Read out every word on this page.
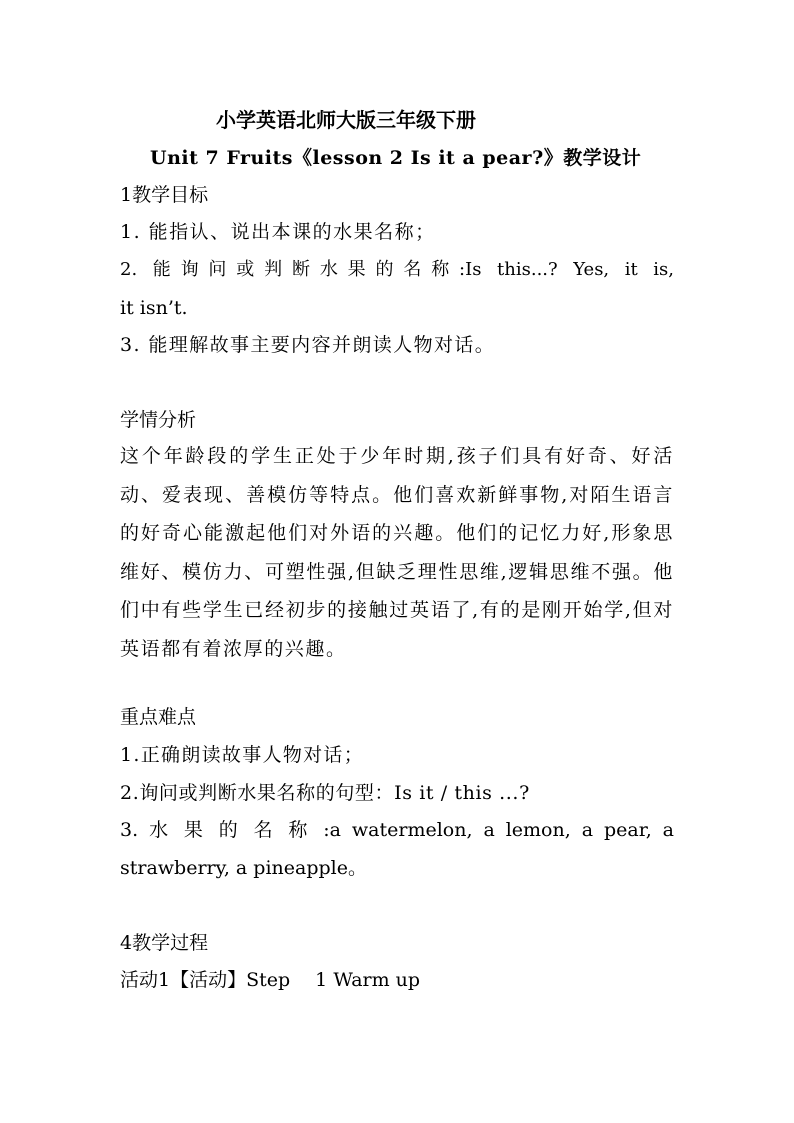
小学英语北师大版三年级下册
Unit 7 Fruits《lesson 2 Is it a pear?》教学设计
1教学目标
1. 能指认、说出本课的水果名称；
2. 能询问或判断水果的名称:Is this...? Yes, it is,
it isn’t.
3. 能理解故事主要内容并朗读人物对话。
学情分析
这个年龄段的学生正处于少年时期,孩子们具有好奇、好活动、爱表现、善模仿等特点。他们喜欢新鲜事物,对陌生语言的好奇心能激起他们对外语的兴趣。他们的记忆力好,形象思维好、模仿力、可塑性强,但缺乏理性思维,逻辑思维不强。他们中有些学生已经初步的接触过英语了,有的是刚开始学,但对英语都有着浓厚的兴趣。
重点难点
1.正确朗读故事人物对话；
2.询问或判断水果名称的句型：Is it / this ...?
3. 水 果 的 名 称 :a watermelon, a lemon, a pear, a
strawberry, a pineapple。
4教学过程
活动1【活动】Step　 1 Warm up
